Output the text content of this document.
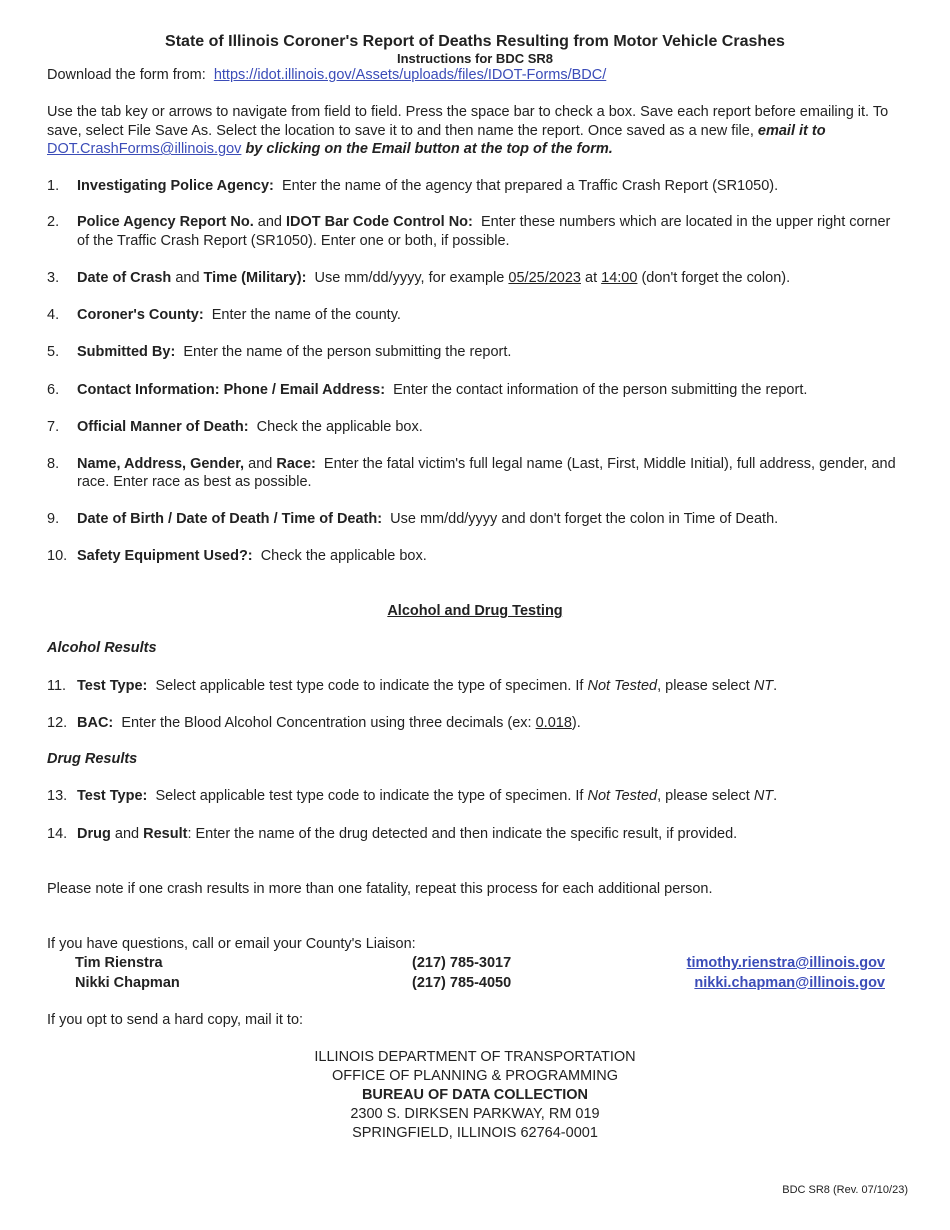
State of Illinois Coroner's Report of Deaths Resulting from Motor Vehicle Crashes
Instructions for BDC SR8
Download the form from: https://idot.illinois.gov/Assets/uploads/files/IDOT-Forms/BDC/
Use the tab key or arrows to navigate from field to field. Press the space bar to check a box. Save each report before emailing it. To save, select File Save As. Select the location to save it to and then name the report. Once saved as a new file, email it to DOT.CrashForms@illinois.gov by clicking on the Email button at the top of the form.
1. Investigating Police Agency: Enter the name of the agency that prepared a Traffic Crash Report (SR1050).
2. Police Agency Report No. and IDOT Bar Code Control No: Enter these numbers which are located in the upper right corner of the Traffic Crash Report (SR1050). Enter one or both, if possible.
3. Date of Crash and Time (Military): Use mm/dd/yyyy, for example 05/25/2023 at 14:00 (don't forget the colon).
4. Coroner's County: Enter the name of the county.
5. Submitted By: Enter the name of the person submitting the report.
6. Contact Information: Phone / Email Address: Enter the contact information of the person submitting the report.
7. Official Manner of Death: Check the applicable box.
8. Name, Address, Gender, and Race: Enter the fatal victim's full legal name (Last, First, Middle Initial), full address, gender, and race. Enter race as best as possible.
9. Date of Birth / Date of Death / Time of Death: Use mm/dd/yyyy and don't forget the colon in Time of Death.
10. Safety Equipment Used?: Check the applicable box.
Alcohol and Drug Testing
Alcohol Results
11. Test Type: Select applicable test type code to indicate the type of specimen. If Not Tested, please select NT.
12. BAC: Enter the Blood Alcohol Concentration using three decimals (ex: 0.018).
Drug Results
13. Test Type: Select applicable test type code to indicate the type of specimen. If Not Tested, please select NT.
14. Drug and Result: Enter the name of the drug detected and then indicate the specific result, if provided.
Please note if one crash results in more than one fatality, repeat this process for each additional person.
If you have questions, call or email your County's Liaison:
Tim Rienstra	(217) 785-3017	timothy.rienstra@illinois.gov
Nikki Chapman	(217) 785-4050	nikki.chapman@illinois.gov
If you opt to send a hard copy, mail it to:
ILLINOIS DEPARTMENT OF TRANSPORTATION
OFFICE OF PLANNING & PROGRAMMING
BUREAU OF DATA COLLECTION
2300 S. DIRKSEN PARKWAY, RM 019
SPRINGFIELD, ILLINOIS 62764-0001
BDC SR8 (Rev. 07/10/23)
